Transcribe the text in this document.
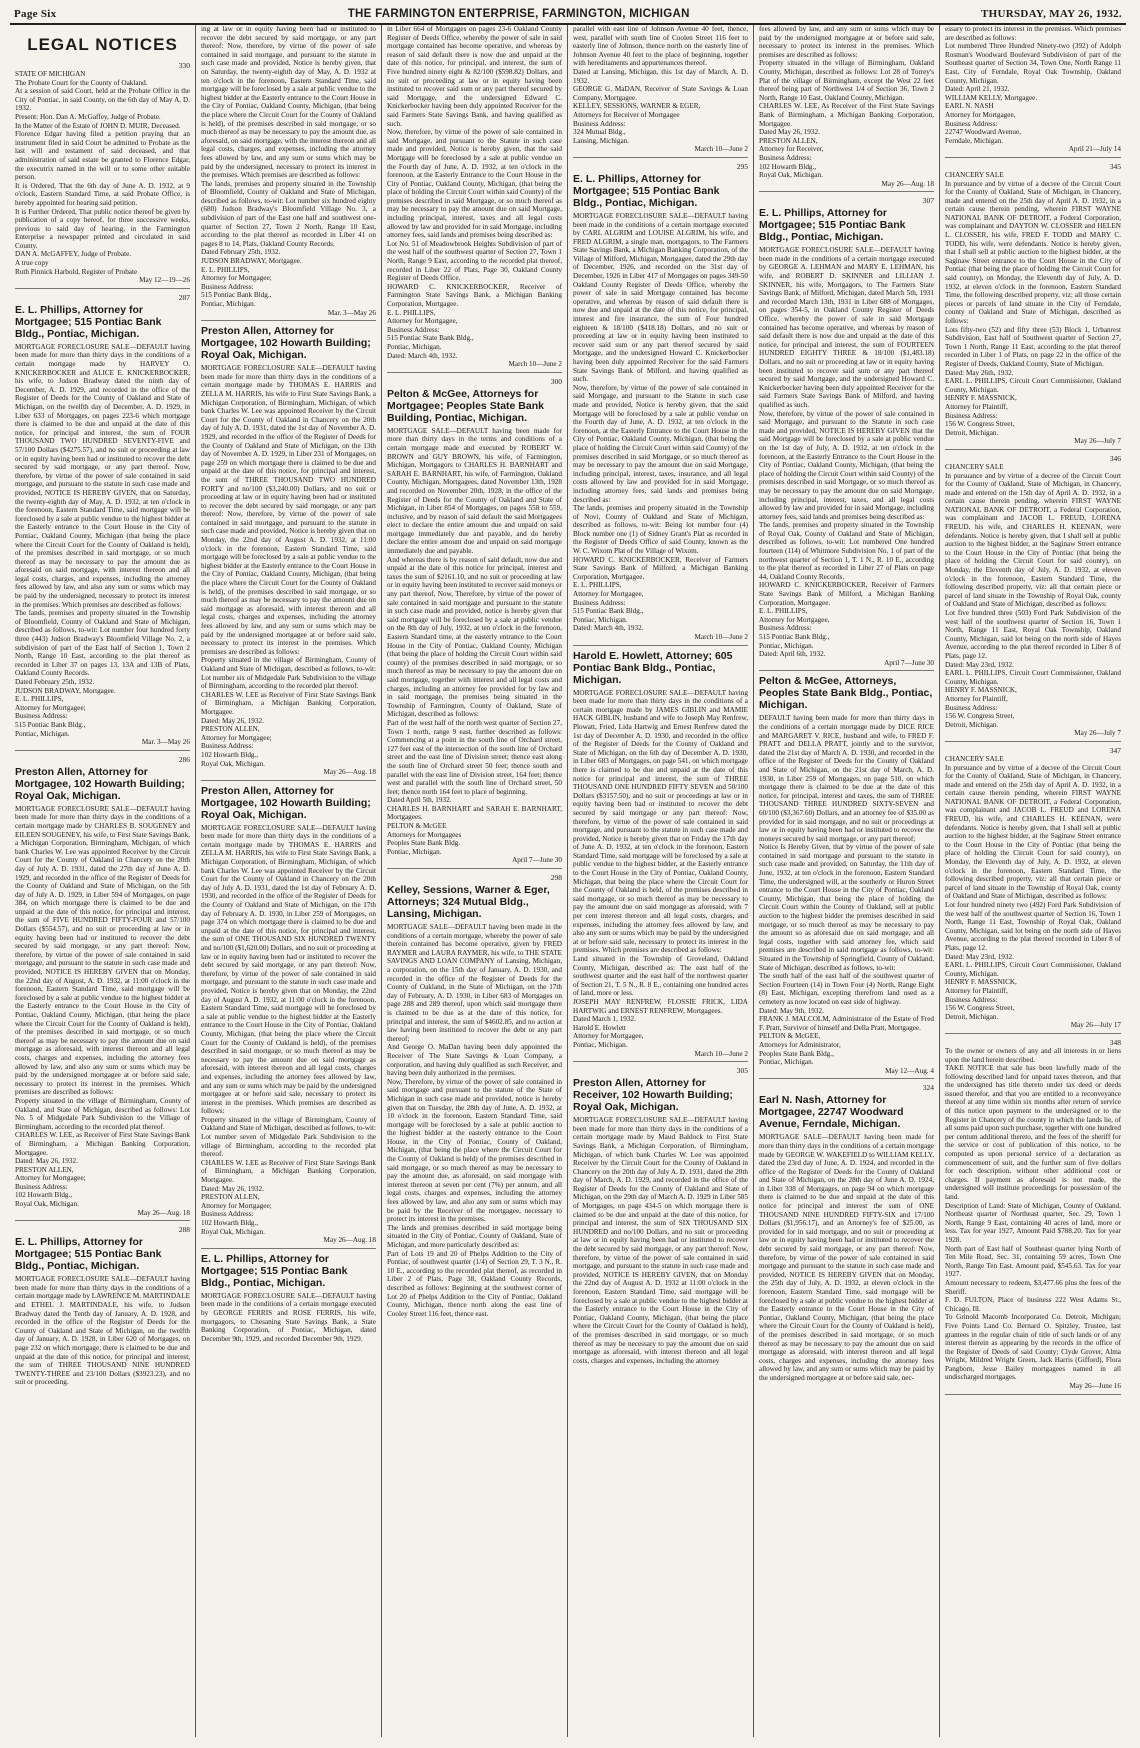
Page Six	THE FARMINGTON ENTERPRISE, FARMINGTON, MICHIGAN	THURSDAY, MAY 26, 1932.
LEGAL NOTICES
330
STATE OF MICHIGAN
The Probate Court for the County of Oakland.
At a session of said Court, held at the Probate Office in the City of Pontiac, in said County, on the 6th day of May A. D. 1932.
Present: Hon. Dan A. McGaffey, Judge of Probate.
In the Matter of the Estate of JOHN D. MUIR, Deceased.
Florence Edgar having filed a petition praying that an instrument filed in said Court be admitted to Probate as the last will and testament of said deceased, and that administration of said estate be granted to Florence Edgar, the executrix named in the will or to some other suitable person.
It is Ordered, That the 6th day of June A. D. 1932, at 9 o'clock, Eastern Standard Time, at said Probate Office, is hereby appointed for hearing said petition.
It is Further Ordered, That public notice thereof be given by publication of a copy hereof, for three successive weeks, previous to said day of hearing, in the Farmington Enterprise a newspaper printed and circulated in said County.
DAN A. McGAFFEY, Judge of Probate.
A true copy
Ruth Pinnick Harbold, Register of Probate
May 12—19—26
287
E. L. Phillips, Attorney for Mortgagee; 515 Pontiac Bank Bldg., Pontiac, Michigan.
MORTGAGE FORECLOSURE SALE—DEFAULT having been made for more than thirty days in the conditions of a certain mortgage made by HARVEY O. KNICKERBOCKER and ALICE E. KNICKERBOCKER, his wife, to Judson Bradway dated the ninth day of December, A. D. 1929, and recorded in the office of the Register of Deeds for the County of Oakland and State of Michigan, on the twelfth day of December, A. D. 1929, in Liber 633 of Mortgages, on pages 223-6 which mortgage there is claimed to be due and unpaid at the date of this notice, for principal and interest, the sum of FOUR THOUSAND TWO HUNDRED SEVENTY-FIVE and 57/100 Dollars ($4275.57), and no suit or proceeding at law or in equity having been had or instituted to recover the debt secured by said mortgage, or any part thereof. Now, therefore, by virtue of the power of sale contained in said mortgage, and pursuant to the statute in such case made and provided, NOTICE IS HEREBY GIVEN, that on Saturday, the twenty-eighth day of May, A. D. 1932, at ten o'clock in the forenoon, Eastern Standard Time, said mortgage will be foreclosed by a sale at public vendue to the highest bidder at the Easterly entrance to the Court House in the City of Pontiac, Oakland County, Michigan (that being the place where the Circuit Court for the County of Oakland is held), of the premises described in said mortgage, or so much thereof as may be necessary to pay the amount due as aforesaid on said mortgage, with interest thereon and all legal costs, charges, and expenses, including the attorney fees allowed by law, and also any sum or sums which may be paid by the undersigned, necessary to protect its interest in the premises. Which premises are described as follows:
The lands, premises and property situated in the Township of Bloomfield, County of Oakland and State of Michigan, described as follows, to-wit: Lot number four hundred forty three (443) Judson Bradway's Bloomfield Village No. 2, a subdivision of part of the East half of Section 1, Town 2 North, Range 10 East, according to the plat thereof as recorded in Liber 37 on pages 13, 13A and 13B of Plats, Oakland County Records.
Dated February 25th, 1932.
JUDSON BRADWAY, Mortgagee.
E. L. PHILLIPS,
Attorney for Mortgagee;
Business Address:
515 Pontiac Bank Bldg.,
Pontiac, Michigan.
Mar. 3—May 26
286
Preston Allen, Attorney for Mortgagee, 102 Howarth Building; Royal Oak, Michigan.
MORTGAGE FORECLOSURE SALE—DEFAULT having been made for more than thirty days in the conditions of a certain mortgage made by CHARLES B. SOUGENEY and EILEEN SOUGENEY, his wife, to First State Savings Bank, a Michigan Corporation, Birmingham, Michigan, of which bank Charles W. Lee was appointed Receiver by the Circuit Court for the County of Oakland in Chancery on the 20th day of July A. D. 1931, dated the 27th day of June A. D. 1929, and recorded in the office of the Register of Deeds for the County of Oakland and State of Michigan, on the 5th day of July A. D. 1929, in Liber 594 of Mortgages, on page 384, on which mortgage there is claimed to be due and unpaid at the date of this notice, for principal and interest, the sum of FIVE HUNDRED FIFTY-FOUR and 57/100 Dollars ($554.57), and no suit or proceeding at law or in equity having been had or instituted to recover the debt secured by said mortgage, or any part thereof: Now, therefore, by virtue of the power of sale contained in said mortgage, and pursuant to the statute in such case made and provided, NOTICE IS HEREBY GIVEN that on Monday, the 22nd day of August, A. D. 1932, at 11:00 o'clock in the forenoon, Eastern Standard Time, said mortgage will be foreclosed by a sale at public vendue to the highest bidder at the Easterly entrance to the Court House in the City of Pontiac, Oakland County, Michigan, (that being the place where the Circuit Court for the County of Oakland is held), of the premises described in said mortgage, or so much thereof as may be necessary to pay the amount due on said mortgage as aforesaid, with interest thereon and all legal costs, charges and expenses, including the attorney fees allowed by law, and also any sum or sums which may be paid by the undersigned mortgagee at or before said sale, necessary to protect its interest in the premises. Which premises are described as follows:
Property situated in the village of Birmingham, County of Oakland, and State of Michigan, described as follows: Lot No. 5 of Midgedale Park Subdivision to the Village of Birmingham, according to the recorded plat thereof.
CHARLES W. LEE, as Receiver of First State Savings Bank of Birmingham, a Michigan Banking Corporation, Mortgagee.
Dated: May 26, 1932.
PRESTON ALLEN,
Attorney for Mortgagee;
Business Address:
102 Howarth Bldg.,
Royal Oak, Michigan.
May 26—Aug. 18
288
E. L. Phillips, Attorney for Mortgagee; 515 Pontiac Bank Bldg., Pontiac, Michigan.
MORTGAGE FORECLOSURE SALE—DEFAULT having been made for more than thirty days in the conditions of a certain mortgage made by LAWRENCE M. MARTINDALE and ETHEL J. MARTINDALE, his wife, to Judson Bradway dated the Tenth day of January, A. D. 1928, and recorded in the office of the Register of Deeds for the County of Oakland and State of Michigan, on the twelfth day of January, A. D. 1928, in Liber 620 of Mortgages, on page 232 on which mortgage, there is claimed to be due and unpaid at the date of this notice, for principal and interest, the sum of THREE THOUSAND NINE HUNDRED TWENTY-THREE and 23/100 Dollars ($3923.23), and no suit or proceeding.
ing at law or in equity having been had or instituted to recover the debt secured by said mortgage, or any part thereof: Now, therefore, by virtue of the power of sale contained in said mortgage, and pursuant to the statute in such case made and provided, Notice is hereby given, that on Saturday, the twenty-eighth day of May, A. D. 1932 at ten o'clock in the forenoon, Eastern Standard Time, said mortgage will be foreclosed by a sale at public vendue to the highest bidder at the Easterly entrance to the Court House in the City of Pontiac, Oakland County, Michigan, (that being the place where the Circuit Court for the County of Oakland is held), of the premises described in said mortgage, or so much thereof as may be necessary to pay the amount due, as aforesaid, on said mortgage, with the interest thereon and all legal costs, charges, and expenses, including the attorney fees allowed by law, and any sum or sums which may be paid by the undersigned, necessary to protect its interest in the premises. Which premises are described as follows:
The lands, premises and property situated in the Township of Bloomfield, County of Oakland and State of Michigan, described as follows, to-wit: Lot number six hundred eighty (680) Judson Bradway's Bloomfield Village No. 3, a subdivision of part of the East one half and southwest one-quarter of Section 27, Town 2 North, Range 10 East, according to the plat thereof as recorded in Liber 41 on pages 8 to 14, Plats, Oakland County Records.
Dated February 25th, 1932.
JUDSON BRADWAY, Mortgagee.
E. L. PHILLIPS,
Attorney for Mortgagee;
Business Address:
515 Pontiac Bank Bldg.,
Pontiac, Michigan.
Mar. 3—May 26
Preston Allen, Attorney for Mortgagee, 102 Howarth Building; Royal Oak, Michigan.
MORTGAGE FORECLOSURE SALE—DEFAULT having been made for more than thirty days in the conditions of a certain mortgage made by THOMAS E. HARRIS and ZELLA M. HARRIS, his wife to First State Savings Bank, a Michigan Corporation, of Birmingham, Michigan, of which bank Charles W. Lee was appointed Receiver by the Circuit Court for the County of Oakland in Chancery on the 20th day of July A. D. 1931, dated the 1st day of November A. D. 1929, and recorded in the office of the Register of Deeds for the County of Oakland and State of Michigan, on the 13th day of November A. D. 1929, in Liber 231 of Mortgages, on page 259 on which mortgage there is claimed to be due and unpaid at the date of this notice, for principal and interest, the sum of THREE THOUSAND TWO HUNDRED FORTY and no/100 ($3,240.00) Dollars, and no suit or proceeding at law or in equity having been had or instituted to recover the debt secured by said mortgage, or any part thereof: Now, therefore, by virtue of the power of sale contained in said mortgage, and pursuant to the statute in such case made and provided, Notice is hereby given that on Monday, the 22nd day of August A. D. 1932, at 11:00 o'clock in the forenoon, Eastern Standard Time, said mortgage will be foreclosed by a sale at public vendue to the highest bidder at the Easterly entrance to the Court House in the City of Pontiac, Oakland County, Michigan, (that being the place where the Circuit Court for the County of Oakland is held), of the premises described in said mortgage, or so much thereof as may be necessary to pay the amount due on said mortgage as aforesaid, with interest thereon and all legal costs, charges and expenses, including the attorney fees allowed by law, and any sum or sums which may be paid by the undersigned mortgagee at or before said sale, necessary to protect its interest in the premises. Which premises are described as follows:
Property situated in the village of Birmingham, County of Oakland and State of Michigan, described as follows, to-wit: Lot number six of Midgedale Park Subdivision to the village of Birmingham, according to the recorded plat thereof.
CHARLES W. LEE as Receiver of First State Savings Bank of Birmingham, a Michigan Banking Corporation, Mortgagee.
Dated: May 26, 1932.
PRESTON ALLEN,
Attorney for Mortgagee;
Business Address:
102 Howarth Bldg.,
Royal Oak, Michigan.
May 26—Aug. 18
Preston Allen, Attorney for Mortgagee, 102 Howarth Building; Royal Oak, Michigan.
MORTGAGE FORECLOSURE SALE—DEFAULT having been made for more than thirty days in the conditions of a certain mortgage made by THOMAS E. HARRIS and ZELLA M. HARRIS, his wife to First State Savings Bank, a Michigan Corporation, of Birmingham, Michigan, of which bank Charles W. Lee was appointed Receiver by the Circuit Court for the County of Oakland in Chancery on the 20th day of July A. D. 1931, dated the 1st day of February A. D. 1930, and recorded in the office of the Register of Deeds for the County of Oakland and State of Michigan, on the 17th day of February A. D. 1930, in Liber 259 of Mortgages, on page 374 on which mortgage there is claimed to be due and unpaid at the date of this notice, for principal and interest, the sum of ONE THOUSAND SIX HUNDRED TWENTY and no/100 ($1,620.00) Dollars, and no suit or proceeding at law or in equity having been had or instituted to recover the debt secured by said mortgage, or any part thereof: Now, therefore, by virtue of the power of sale contained in said mortgage, and pursuant to the statute in such case made and provided, Notice is hereby given that on Monday, the 22nd day of August A. D. 1932, at 11:00 o'clock in the forenoon, Eastern Standard Time, said mortgage will be foreclosed by a sale at public vendue to the highest bidder at the Easterly entrance to the Court House in the City of Pontiac, Oakland County, Michigan, (that being the place where the Circuit Court for the County of Oakland is held), of the premises described in said mortgage, or so much thereof as may be necessary to pay the amount due on said mortgage as aforesaid, with interest thereon and all legal costs, charges and expenses, including the attorney fees allowed by law, and any sum or sums which may be paid by the undersigned mortgagee at or before said sale, necessary to protect its interest in the premises. Which premises are described as follows:
Property situated in the village of Birmingham, County of Oakland and State of Michigan, described as follows, to-wit: Lot number seven of Midgedale Park Subdivision to the village of Birmingham, according to the recorded plat thereof.
CHARLES W. LEE as Receiver of First State Savings Bank of Birmingham, a Michigan Banking Corporation, Mortgagee.
Dated: May 26, 1932.
PRESTON ALLEN,
Attorney for Mortgagee;
Business Address:
102 Howarth Bldg.,
Royal Oak, Michigan.
May 26—Aug. 18
E. L. Phillips, Attorney for Mortgagee; 515 Pontiac Bank Bldg., Pontiac, Michigan.
MORTGAGE FORECLOSURE SALE—DEFAULT having been made in the conditions of a certain mortgage executed by GEORGE FERRIS and ROSE FERRIS, his wife, mortgagors, to Chesaning State Savings Bank, a State Banking Corporation, of Pontiac, Michigan, dated December 9th, 1929, and recorded December 9th, 1929.
in Liber 664 of Mortgages on pages 23-6 Oakland County Register of Deeds Office, whereby the power of sale in said mortgage contained has become operative, and whereas by reason of said default there is now due and unpaid at the date of this notice, for principal, and interest, the sum of Five hundred ninety eight & 82/100 ($598.82) Dollars, and no suit or proceeding at law or in equity having been instituted to recover said sum or any part thereof secured by said Mortgage, and the undersigned Edward C. Knickerbocker having been duly appointed Receiver for the said Farmers State Savings Bank, and having qualified as such.
Now, therefore, by virtue of the power of sale contained in said Mortgage, and pursuant to the Statute in such case made and provided, Notice is hereby given, that the said Mortgage will be foreclosed by a sale at public vendue on the Fourth day of June, A. D. 1932, at ten o'clock in the forenoon, at the Easterly Entrance to the Court House in the City of Pontiac, Oakland County, Michigan, (that being the place of holding the Circuit Court within said County) of the premises described in said Mortgage, or so much thereof as may be necessary to pay the amount due on said Mortgage, including principal, interest, taxes and all legal costs allowed by law and provided for in said Mortgage, including attorney fees, said lands and premises being described as:
Lot No. 51 of Meadowbrook Heights Subdivision of part of the west half of the southwest quarter of Section 27, Town 1 North, Range 9 East, according to the recorded plat thereof, recorded in Liber 22 of Plats, Page 30, Oakland County Register of Deeds Office.
HOWARD C. KNICKERBOCKER, Receiver of Farmington State Savings Bank, a Michigan Banking Corporation, Mortgagee.
E. L. PHILLIPS,
Attorney for Mortgagee,
Business Address:
515 Pontiac State Bank Bldg.,
Pontiac, Michigan.
Dated: March 4th, 1932.
March 10—June 2
300
Pelton & McGee, Attorneys for Mortgagee; Peoples State Bank Building, Pontiac, Michigan.
MORTGAGE SALE—DEFAULT having been made for more than thirty days in the terms and conditions of a certain mortgage made and executed by ROBERT W. BROWN and GUY BROWN, his wife, of Farmington, Michigan, Mortgagors to CHARLES H. BARNHART and SARAH E. BARNHART, his wife, of Farmington, Oakland County, Michigan, Mortgagees, dated November 13th, 1928 and recorded on November 20th, 1928, in the office of the Register of Deeds for the County of Oakland and State of Michigan, in Liber 854 of Mortgages, on pages 558 to 559, inclusive, and by reason of said default the said Mortgagees elect to declare the entire amount due and unpaid on said mortgage immediately due and payable, and do hereby declare the entire amount due and unpaid on said mortgage immediately due and payable.
And whereas there is by reason of said default, now due and unpaid at the date of this notice for principal, interest and taxes the sum of $2161.10, and no suit or proceeding at law or in equity having been instituted to recover said moneys or any part thereof, Now, Therefore, by virtue of the power of sale contained in said mortgage and pursuant to the statute in such case made and provided, notice is hereby given that said mortgage will be foreclosed by a sale at public vendue on the 8th day of July, 1932, at ten o'clock in the forenoon, Eastern Standard time, at the easterly entrance to the Court House in the City of Pontiac, Oakland County, Michigan (that being the place of holding the Circuit Court within said county) of the premises described in said mortgage, or so much thereof as may be necessary to pay the amount due on said mortgage, together with interest and all legal costs and charges, including an attorney fee provided for by law and in said mortgage, the premises being situated in the Township of Farmington, County of Oakland, State of Michigan, described as follows:
Part of the west half of the north west quarter of Section 27, Town 1 north, range 9 east, further described as follows: Commencing at a point in the south line of Orchard street, 127 feet east of the intersection of the south line of Orchard street and the east line of Division street; thence east along the south line of Orchard street 50 feet; thence south and parallel with the east line of Division street, 164 feet; thence west and parallel with the south line of Orchard street, 50 feet; thence north 164 feet to place of beginning.
Dated April 5th, 1932.
CHARLES H. BARNHART and SARAH E. BARNHART, Mortgagees.
PELTON & McGEE
Attorneys for Mortgagees
Peoples State Bank Bldg.
Pontiac, Michigan.
April 7—June 30
298
Kelley, Sessions, Warner & Eger, Attorneys; 324 Mutual Bldg., Lansing, Michigan.
MORTGAGE SALE—DEFAULT having been made in the conditions of a certain mortgage, whereby the power of sale therein contained has become operative, given by FRED RAYMER and LAURA RAYMER, his wife, to THE STATE SAVINGS AND LOAN COMPANY of Lansing, Michigan, a corporation, on the 15th day of January, A. D. 1930, and recorded in the office of the Register of Deeds for the County of Oakland, in the State of Michigan, on the 17th day of February, A. D. 1930, in Liber 683 of Mortgages on page 288 and 289 thereof, upon which said mortgage there is claimed to be due as at the date of this notice, for principal and interest, the sum of $4602.85, and no action at law having been instituted to recover the debt or any part thereof;
And George O. MaDan having been duly appointed the Receiver of The State Savings & Loan Company, a corporation, and having duly qualified as such Receiver, and having been duly authorized in the premises.
Now, Therefore, by virtue of the power of sale contained in said mortgage and pursuant to the statute of the State of Michigan in such case made and provided, notice is hereby given that on Tuesday, the 28th day of June, A. D. 1932, at 10 o'clock in the forenoon, Eastern Standard Time, said mortgage will be foreclosed by a sale at public auction to the highest bidder at the easterly entrance to the Court House, in the City of Pontiac, County of Oakland, Michigan, (that being the place where the Circuit Court for the County of Oakland is held) of the premises described in said mortgage, or so much thereof as may be necessary to pay the amount due, as aforesaid, on said mortgage with interest thereon at seven per cent (7%) per annum, and all legal costs, charges and expenses, including the attorney fees allowed by law, and also any sum or sums which may be paid by the Receiver of the mortgagee, necessary to protect its interest in the premises.
The lands and premises described in said mortgage being situated in the City of Pontiac, County of Oakland, State of Michigan, and more particularly described as:
Part of Lots 19 and 20 of Phelps Addition to the City of Pontiac, of southwest quarter (1/4) of Section 29, T. 3 N., R. 10 E., according to the recorded plat thereof, as recorded in Liber 2 of Plats, Page 38, Oakland County Records, described as follows: Beginning at the southwest corner of Lot 20 of Phelps Addition to the City of Pontiac, Oakland County, Michigan, thence north along the east line of Cooley Street 116 feet, thence east.
parallel with east line of Johnson Avenue 40 feet, thence, west, parallel with south line of Coolen Street 116 feet to easterly line of Johnson, thence north on the easterly line of Johnson Avenue 40 feet to the place of beginning, together with hereditaments and appurtenances thereof.
Dated at Lansing, Michigan, this 1st day of March, A. D. 1932.
GEORGE G. MaDAN, Receiver of State Savings & Loan Company, Mortgagee.
KELLEY, SESSIONS, WARNER & EGER,
Attorneys for Receiver of Mortgagee
Business Address:
324 Mutual Bldg.,
Lansing, Michigan.
March 10—June 2
295
E. L. Phillips, Attorney for Mortgagee; 515 Pontiac Bank Bldg., Pontiac, Michigan.
MORTGAGE FORECLOSURE SALE—DEFAULT having been made in the conditions of a certain mortgage executed by CARL ALGRIM and LOUISE ALGRIM, his wife, and FRED ALGRIM, a single man, mortgagors, to The Farmers State Savings Bank, a Michigan Banking Corporation, of the Village of Milford, Michigan, Mortgagee, dated the 29th day of December, 1926, and recorded on the 31st day of December, 1926 in Liber 417 of Mortgages on pages 349-50 Oakland County Register of Deeds Office, whereby the power of sale in said Mortgage contained has become operative, and whereas by reason of said default there is now due and unpaid at the date of this notice, for principal, interest and fire insurance, the sum of Four hundred eighteen & 18/100 ($418.18) Dollars, and no suit or proceeding at law or in equity having been instituted to recover said sum or any part thereof secured by said Mortgage, and the undersigned Howard C. Knickerbocker having been duly appointed Receiver for the said Farmers State Savings Bank of Milford, and having qualified as such.
Now, therefore, by virtue of the power of sale contained in said Mortgage, and pursuant to the Statute in such case made and provided, Notice is hereby given, that the said Mortgage will be foreclosed by a sale at public vendue on the Fourth day of June, A. D. 1932, at ten o'clock in the forenoon, at the Easterly Entrance to the Court House in the City of Pontiac, Oakland County, Michigan, (that being the place of holding the Circuit Court within said County) of the premises described in said Mortgage, or so much thereof as may be necessary to pay the amount due on said Mortgage, including principal, interest, taxes, insurance, and all legal costs allowed by law and provided for in said Mortgage, including attorney fees, said lands and premises being described as:
The lands, premises and property situated in the Township of Novi, County of Oakland and State of Michigan, described as follows, to-wit: Being lot number four (4) Block number one (1) of Sidney Grant's Plat as recorded in the Register of Deeds Office of said County, known as the W. C. Wixom Plat of the Village of Wixom.
HOWARD C. KNICKERBOCKER, Receiver of Farmers State Savings Bank of Milford, a Michigan Banking Corporation, Mortgagee.
E. L. PHILLIPS,
Attorney for Mortgagee,
Business Address:
515 Pontiac Bank Bldg.,
Pontiac, Michigan.
Dated: March 4th, 1932.
March 10—June 2
Harold E. Howlett, Attorney; 605 Pontiac Bank Bldg., Pontiac, Michigan.
MORTGAGE FORECLOSURE SALE—DEFAULT having been made for more than thirty days in the conditions of a certain mortgage made by JAMES GIBLIN and MAMIE HACK GIBLIN, husband and wife to Joseph May Renfrew, Plowatt, Fried, Lida Hartwig and Ernest Renfrew dated the 1st day of December A. D. 1930, and recorded in the office of the Register of Deeds for the County of Oakland and State of Michigan, on the 6th day of December A. D. 1930, in Liber 683 of Mortgages, on page 541, on which mortgage there is claimed to be due and unpaid at the date of this notice for principal and interest, the sum of THREE THOUSAND ONE HUNDRED FIFTY SEVEN and 50/100 Dollars ($3157.50), and no suit or proceedings at law or in equity having been had or instituted to recover the debt secured by said mortgage or any part thereof: Now, therefore, by virtue of the power of sale contained in said mortgage, and pursuant to the statute in such case made and provided, Notice is hereby given that on Friday the 17th day of June A. D. 1932, at ten o'clock in the forenoon, Eastern Standard Time, said mortgage will be foreclosed by a sale at public vendue to the highest bidder, at the Easterly entrance to the Court House in the City of Pontiac, Oakland County, Michigan, that being the place where the Circuit Court for the County of Oakland is held, of the premises described in said mortgage, or so much thereof as may be necessary to pay the amount due on said mortgage as aforesaid, with 7 per cent interest thereon and all legal costs, charges, and expenses, including the attorney fees allowed by law, and also any sum or sums which may be paid by the undersigned at or before said sale, necessary to protect its interest in the premises. Which premises are described as follows:
Land situated in the Township of Groveland, Oakland County, Michigan, described as: The east half of the southwest quarter and the east half of the northwest quarter of Section 21, T. 5 N., R. 8 E., containing one hundred acres of land, more or less.
JOSEPH MAY RENFREW, FLOSSIE FRICK, LIDA HARTWIG and ERNEST RENFREW, Mortgagees.
Dated March 1, 1932.
Harold E. Howlett
Attorney for Mortgagee,
Pontiac, Michigan.
March 10—June 2
305
Preston Allen, Attorney for Receiver, 102 Howarth Building; Royal Oak, Michigan.
MORTGAGE FORECLOSURE SALE—DEFAULT having been made for more than thirty days in the conditions of a certain mortgage made by Maud Baldock to First State Savings Bank, a Michigan Corporation, of Birmingham, Michigan, of which bank Charles W. Lee was appointed Receiver by the Circuit Court for the County of Oakland in Chancery on the 20th day of July A. D. 1931, dated the 20th day of March, A. D. 1929, and recorded in the office of the Register of Deeds for the County of Oakland and State of Michigan, on the 29th day of March A. D. 1929 in Liber 585 of Mortgages, on page 434-5 on which mortgage there is claimed to be due and unpaid at the date of this notice, for principal and interest, the sum of SIX THOUSAND SIX HUNDRED and no/100 Dollars, and no suit or proceeding at law or in equity having been had or instituted to recover the debt secured by said mortgage, or any part thereof: Now, therefore, by virtue of the power of sale contained in said mortgage, and pursuant to the statute in such case made and provided, NOTICE IS HEREBY GIVEN, that on Monday the 22nd day of August A. D. 1932 at 11:00 o'clock in the forenoon, Eastern Standard Time, said mortgage will be foreclosed by a sale at public vendue to the highest bidder at the Easterly entrance to the Court House in the City of Pontiac, Oakland County, Michigan, (that being the place where the Circuit Court for the County of Oakland is held), of the premises described in said mortgage, or so much thereof as may be necessary to pay the amount due on said mortgage as aforesaid, with interest thereon and all legal costs, charges and expenses, including the attorney
fees allowed by law, and any sum or sums which may be paid by the undersigned mortgagee at or before said sale, necessary to protect its interest in the premises. Which premises are described as follows:
Property situated in the village of Birmingham, Oakland County, Michigan, described as follows: Lot 28 of Torrey's Plat of the village of Birmingham, except the West 22 feet thereof being part of Northwest 1/4 of Section 36, Town 2 North, Range 10 East, Oakland County, Michigan.
CHARLES W. LEE, As Receiver of the First State Savings Bank of Birmingham, a Michigan Banking Corporation, Mortgagee.
Dated May 26, 1932.
PRESTON ALLEN,
Attorney for Receiver,
Business Address:
102 Howarth Bldg.,
Royal Oak, Michigan.
May 26—Aug. 18
307
E. L. Phillips, Attorney for Mortgagee; 515 Pontiac Bank Bldg., Pontiac, Michigan.
MORTGAGE FORECLOSURE SALE—DEFAULT having been made in the conditions of a certain mortgage executed by GEORGE A. LEHMAN and MARY E. LEHMAN, his wife, and ROBERT D. SKINNER and LILLIAN J. SKINNER, his wife, Mortgagors, to The Farmers State Savings Bank, of Milford, Michigan, dated March 5th, 1931 and recorded March 13th, 1931 in Liber 688 of Mortgages, on pages 354-5, in Oakland County Register of Deeds Office, whereby the power of sale in said Mortgage contained has become operative, and whereas by reason of said default there is now due and unpaid at the date of this notice, for principal and interest, the sum of FOURTEEN HUNDRED EIGHTY THREE & 18/100 ($1,483.18) Dollars, and no suit or proceeding at law or in equity having been instituted to recover said sum or any part thereof secured by said Mortgage, and the undersigned Howard C. Knickerbocker having been duly appointed Receiver for the said Farmers State Savings Bank of Milford, and having qualified as such.
Now, therefore, by virtue of the power of sale contained in said Mortgage, and pursuant to the Statute in such case made and provided, NOTICE IS HEREBY GIVEN that the said Mortgage will be foreclosed by a sale at public vendue on the 1st day of July, A. D. 1932, at ten o'clock in the forenoon, at the Easterly Entrance to the Court House in the City of Pontiac, Oakland County, Michigan, (that being the place of holding the Circuit Court within said County) of the premises described in said Mortgage, or so much thereof as may be necessary to pay the amount due on said Mortgage, including principal, interest, taxes, and all legal costs allowed by law and provided for in said Mortgage, including attorney fees, said lands and premises being described as:
The lands, premises and property situated in the Township of Royal Oak, County of Oakland and State of Michigan, described as follows, to-wit: Lot numbered One hundred fourteen (114) of Whitmore Subdivision No. 1 of part of the northwest quarter of Section 1, T. 1 N., R. 10 E., according to the plat thereof as recorded in Liber 27 of Plats on page 44, Oakland County Records.
HOWARD C. KNICKERBOCKER, Receiver of Farmers State Savings Bank of Milford, a Michigan Banking Corporation, Mortgagee.
E. L. PHILLIPS,
Attorney for Mortgagee,
Business Address:
515 Pontiac Bank Bldg.,
Pontiac, Michigan.
Dated: April 6th, 1932.
April 7—June 30
Pelton & McGee, Attorneys, Peoples State Bank Bldg., Pontiac, Michigan.
DEFAULT having been made for more than thirty days in the conditions of a certain mortgage made by DICE RICE and MARGARET V. RICE, husband and wife, to FRED F. PRATT and DELLA PRATT, jointly and to the survivor, dated the 21st day of March A. D. 1930, and recorded in the office of the Register of Deeds for the County of Oakland and State of Michigan, on the 21st day of March, A. D. 1930, in Liber 259 of Mortgages, on page 510, on which mortgage there is claimed to be due at the date of this notice, for principal, interest and taxes, the sum of THREE THOUSAND THREE HUNDRED SIXTY-SEVEN and 60/100 ($3,367.60) Dollars, and an attorney fee of $35.00 as provided for in said mortgage, and no suit or proceedings at law or in equity having been had or instituted to recover the moneys secured by said mortgage, or any part thereof;
Notice Is Hereby Given, that by virtue of the power of sale contained in said mortgage and pursuant to the statute in such case made and provided, on Saturday, the 11th day of June, 1932, at ten o'clock in the forenoon, Eastern Standard Time, the undersigned will, at the southerly or Huron Street entrance to the Court House in the City of Pontiac, Oakland County, Michigan, that being the place of holding the Circuit Court within the County of Oakland, sell at public auction to the highest bidder the premises described in said mortgage, or so much thereof as may be necessary to pay the amount so as aforesaid due on said mortgage, and all legal costs, together with said attorney fee, which said premises are described in said mortgage as follows, to-wit: Situated in the Township of Springfield, County of Oakland, State of Michigan, described as follows, to-wit:
The south half of the east half of the southwest quarter of Section Fourteen (14) in Town Four (4) North, Range Eight (8) East, Michigan, excepting therefrom land used as a cemetery as now located on east side of highway.
Dated: May 9th, 1932.
FRANK J. MALCOLM, Administrator of the Estate of Fred F. Pratt, Survivor of himself and Della Pratt, Mortgagee.
PELTON & McGEE,
Attorneys for Administrator,
Peoples State Bank Bldg.,
Pontiac, Michigan.
May 12—Aug. 4
324
Earl N. Nash, Attorney for Mortgagee, 22747 Woodward Avenue, Ferndale, Michigan.
MORTGAGE SALE—DEFAULT having been made for more than thirty days in the conditions of a certain mortgage made by GEORGE W. WAKEFIELD to WILLIAM KELLY, dated the 23rd day of June, A. D. 1924, and recorded in the office of the Register of Deeds for the County of Oakland and State of Michigan, on the 28th day of June A. D. 1924, in Liber 338 of Mortgages, on page 94 on which mortgage there is claimed to be due and unpaid at the date of this notice for principal and interest the sum of ONE THOUSAND NINE HUNDRED FIFTY-SIX and 17/100 Dollars ($1,956.17), and an Attorney's fee of $25.00, as provided for in said mortgage, and no suit or proceeding at law or in equity having been had or instituted to recover the debt secured by said mortgage, or any part thereof: Now, therefore, by virtue of the power of sale contained in said mortgage and pursuant to the statute in such case made and provided, NOTICE IS HEREBY GIVEN that on Monday, the 25th day of July, A. D. 1932, at eleven o'clock in the forenoon, Eastern Standard Time, said mortgage will be foreclosed by a sale at public vendue to the highest bidder at the Easterly entrance to the Court House in the City of Pontiac, Oakland County, Michigan, (that being the place where the Circuit Court for the County of Oakland is held), of the premises described in said mortgage, or so much thereof as may be necessary to pay the amount due on said mortgage as aforesaid, with interest thereon and all legal costs, charges and expenses, including the attorney fees allowed by law, and any sum or sums which may be paid by the undersigned mortgagee at or before said sale, nec-
essary to protect its interest in the premises. Which premises are described as follows:
Lot numbered Three Hundred Ninety-two (392) of Adolph Rosman's Woodward Boulevard Subdivision of part of the Southeast quarter of Section 34, Town One, North Range 11 East, City of Ferndale, Royal Oak Township, Oakland County, Michigan.
Dated: April 21, 1932.
WILLIAM KELLY, Mortgagee.
EARL N. NASH
Attorney for Mortgagee,
Business Address:
22747 Woodward Avenue,
Ferndale, Michigan.
April 21—July 14
345
CHANCERY SALE
In pursuance and by virtue of a decree of the Circuit Court for the County of Oakland, State of Michigan, in Chancery, made and entered on the 25th day of April A. D. 1932, in a certain cause therein pending, wherein FIRST WAYNE NATIONAL BANK OF DETROIT, a Federal Corporation, was complainant and DAYTON W. CLOSSER and HELEN L. CLOSSER, his wife, FRED F. TODD and MARY C. TODD, his wife, were defendants. Notice is hereby given, that I shall sell at public auction to the highest bidder, at the Saginaw Street entrance to the Court House in the City of Pontiac (that being the place of holding the Circuit Court for said county), on Monday, the Eleventh day of July, A. D. 1932, at eleven o'clock in the forenoon, Eastern Standard Time, the following described property, viz: all those certain pieces or parcels of land situate in the City of Ferndale, county of Oakland and State of Michigan, described as follows:
Lots fifty-two (52) and fifty three (53) Block 1, Urbanrest Subdivision, East half of Southwest quarter of Section 27, Town 1 North, Range 11 East, according to the plat thereof recorded in Liber 1 of Plats, on page 22 in the office of the Register of Deeds, Oakland County, State of Michigan.
Dated: May 26th, 1932.
EARL L. PHILLIPS, Circuit Court Commissioner, Oakland County, Michigan.
HENRY F. MASSNICK,
Attorney for Plaintiff,
Business Address:
156 W. Congress Street,
Detroit, Michigan.
May 26—July 7
346
CHANCERY SALE
In pursuance and by virtue of a decree of the Circuit Court for the County of Oakland, State of Michigan, in Chancery, made and entered on the 15th day of April A. D. 1932, in a certain cause therein pending, wherein FIRST WAYNE NATIONAL BANK OF DETROIT, a Federal Corporation, was complainant and JACOB L. FREUD, LORENA FREUD, his wife, and CHARLES H. KEENAN, were defendants. Notice is hereby given, that I shall sell at public auction to the highest bidder, at the Saginaw Street entrance to the Court House in the City of Pontiac (that being the place of holding the Circuit Court for said county), on Monday, the Eleventh day of July, A. D. 1932, at eleven o'clock in the forenoon, Eastern Standard Time, the following described property, viz: all that certain piece or parcel of land situate in the Township of Royal Oak, county of Oakland and State of Michigan, described as follows:
Lot five hundred three (503) Ford Park Subdivision of the west half of the southwest quarter of Section 16, Town 1 North, Range 11 East, Royal Oak Township, Oakland County, Michigan, said lot being on the north side of Hayes Avenue, according to the plat thereof recorded in Liber 8 of Plats, page 12.
Dated: May 23rd, 1932.
EARL L. PHILLIPS, Circuit Court Commissioner, Oakland County, Michigan.
HENRY F. MASSNICK,
Attorney for Plaintiff,
Business Address:
156 W. Congress Street,
Detroit, Michigan.
May 26—July 7
347
CHANCERY SALE
In pursuance and by virtue of a decree of the Circuit Court for the County of Oakland, State of Michigan, in Chancery, made and entered on the 25th day of April A. D. 1932, in a certain cause therein pending, wherein FIRST WAYNE NATIONAL BANK OF DETROIT, a Federal Corporation, was complainant and JACOB L. FREUD and LORENA FREUD, his wife, and CHARLES H. KEENAN, were defendants. Notice is hereby given, that I shall sell at public auction to the highest bidder, at the Saginaw Street entrance to the Court House in the City of Pontiac (that being the place of holding the Circuit Court for said county), on Monday, the Eleventh day of July, A. D. 1932, at eleven o'clock in the forenoon, Eastern Standard Time, the following described property, viz: all that certain piece or parcel of land situate in the Township of Royal Oak, county of Oakland and State of Michigan, described as follows:
Lot four hundred ninety two (492) Ford Park Subdivision of the west half of the southwest quarter of Section 16, Town 1 North, Range 11 East, Township of Royal Oak, Oakland County, Michigan, said lot being on the north side of Hayes Avenue, according to the plat thereof recorded in Liber 8 of Plats, page 12.
Dated: May 23rd, 1932.
EARL L. PHILLIPS, Circuit Court Commissioner, Oakland County, Michigan.
HENRY F. MASSNICK,
Attorney for Plaintiff,
Business Address:
156 W. Congress Street,
Detroit, Michigan.
May 26—July 17
348
To the owner or owners of any and all interests in or liens upon the land herein described.
TAKE NOTICE that sale has been lawfully made of the following described land for unpaid taxes thereon, and that the undersigned has title thereto under tax deed or deeds issued therefor, and that you are entitled to a reconveyance thereof at any time within six months after return of service of this notice upon payment to the undersigned or to the Register in Chancery of the county in which the lands lie, of all sums paid upon such purchase, together with one hundred per centum additional thereto, and the fees of the sheriff for the service or cost of publication of this notice, to be computed as upon personal service of a declaration as commencement of suit, and the further sum of five dollars for each description, without other additional cost or charges. If payment as aforesaid is not made, the undersigned will institute proceedings for possession of the land.
Description of Land: State of Michigan, County of Oakland. Northeast quarter of Northeast quarter, Sec. 29, Town 1 North, Range 9 East, containing 40 acres of land, more or less. Tax for year 1927, Amount Paid $788.20. Tax for year 1928.
North part of East half of Southeast quarter lying North of Ten Mile Road, Sec. 31, containing 59 acres, Town One North, Range Ten East. Amount paid, $545.63. Tax for year 1927.
Amount necessary to redeem, $3,477.66 plus the fees of the Sheriff.
F. D. FULTON, Place of business 222 West Adams St., Chicago, Ill.
To Grinold Macomb Incorporated Co. Detroit, Michigan; Five Points Land Co. Bernard O. Spitzley, Trustee, last grantees in the regular chain of title of such lands or of any interest therein as appearing by the records in the office of the Register of Deeds of said County; Clyde Grover, Alma Wright, Mildred Wright Green, Jack Harris (Gifford), Flora Pangborn, Jesse Bailey mortgagees named in all undischarged mortgages.
May 26—June 16
